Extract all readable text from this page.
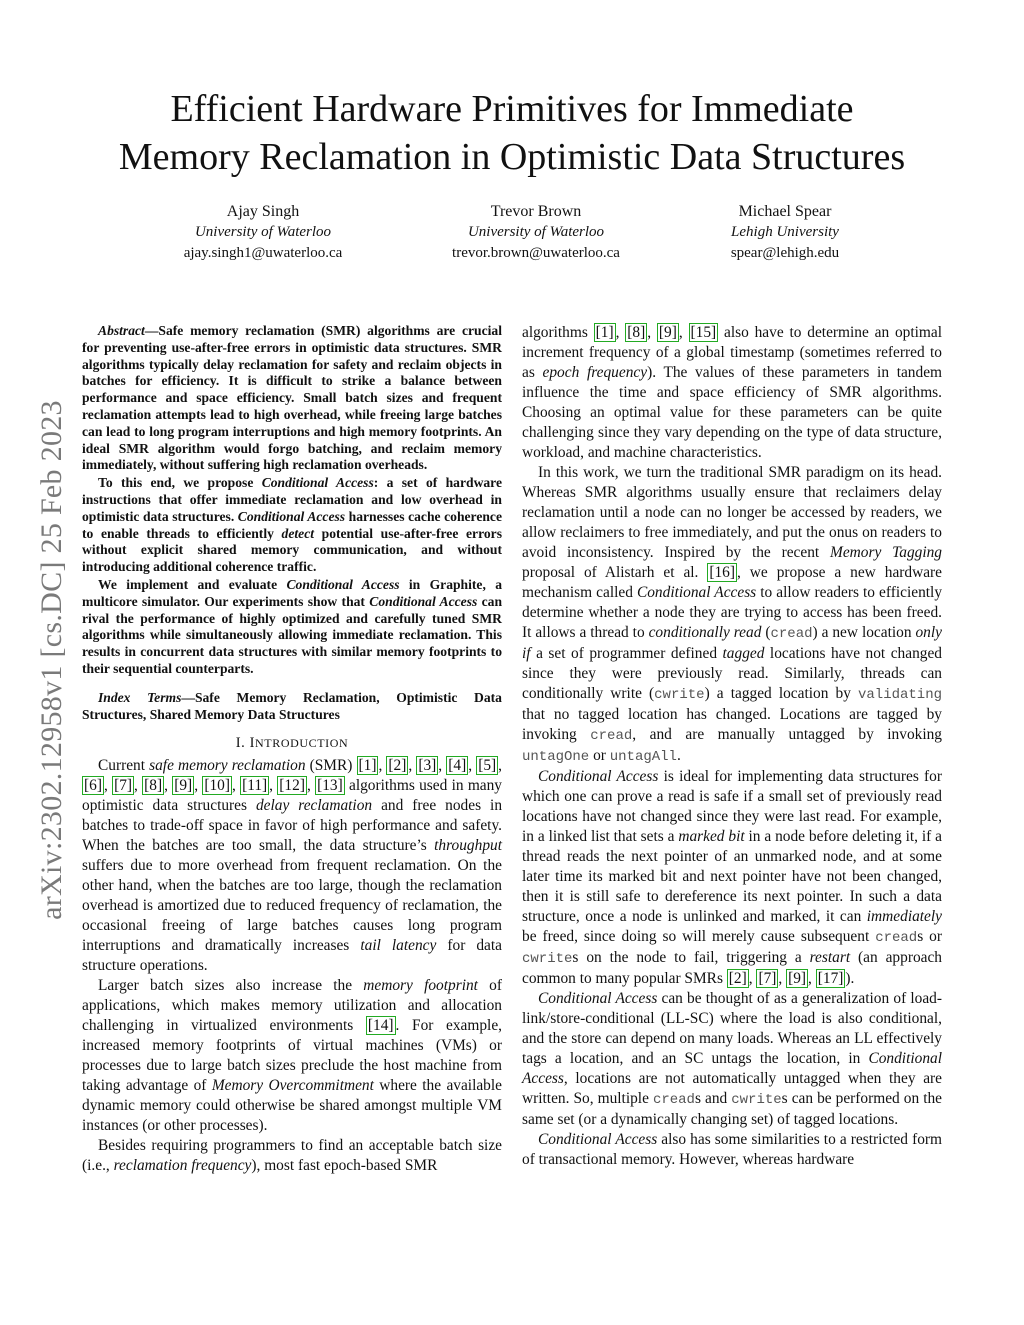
arXiv:2302.12958v1 [cs.DC] 25 Feb 2023
Efficient Hardware Primitives for Immediate
Memory Reclamation in Optimistic Data Structures
Ajay Singh
University of Waterloo
ajay.singh1@uwaterloo.ca
Trevor Brown
University of Waterloo
trevor.brown@uwaterloo.ca
Michael Spear
Lehigh University
spear@lehigh.edu

Abstract—Safe memory reclamation (SMR) algorithms are crucial for preventing use-after-free errors in optimistic data structures. SMR algorithms typically delay reclamation for safety and reclaim objects in batches for efficiency. It is difficult to strike a balance between performance and space efficiency. Small batch sizes and frequent reclamation attempts lead to high overhead, while freeing large batches can lead to long program interruptions and high memory footprints. An ideal SMR algorithm would forgo batching, and reclaim memory immediately, without suffering high reclamation overheads.

To this end, we propose Conditional Access: a set of hardware instructions that offer immediate reclamation and low overhead in optimistic data structures. Conditional Access harnesses cache coherence to enable threads to efficiently detect potential use-after-free errors without explicit shared memory communication, and without introducing additional coherence traffic.

We implement and evaluate Conditional Access in Graphite, a multicore simulator. Our experiments show that Conditional Access can rival the performance of highly optimized and carefully tuned SMR algorithms while simultaneously allowing immediate reclamation. This results in concurrent data structures with similar memory footprints to their sequential counterparts.

Index Terms—Safe Memory Reclamation, Optimistic Data Structures, Shared Memory Data Structures

I. INTRODUCTION

Current safe memory reclamation (SMR) [1] , [2] , [3] , [4] , [5] , [6] , [7] , [8] , [9] , [10] , [11] , [12] , [13] algorithms used in many optimistic data structures delay reclamation and free nodes in batches to trade-off space in favor of high performance and safety. When the batches are too small, the data structure’s throughput suffers due to more overhead from frequent reclamation. On the other hand, when the batches are too large, though the reclamation overhead is amortized due to reduced frequency of reclamation, the occasional freeing of large batches causes long program interruptions and dramatically increases tail latency for data structure operations.

Larger batch sizes also increase the memory footprint of applications, which makes memory utilization and allocation challenging in virtualized environments [14] . For example, increased memory footprints of virtual machines (VMs) or processes due to large batch sizes preclude the host machine from taking advantage of Memory Overcommitment where the available dynamic memory could otherwise be shared amongst multiple VM instances (or other processes).

Besides requiring programmers to find an acceptable batch size (i.e., reclamation frequency), most fast epoch-based SMR

algorithms [1] , [8] , [9] , [15] also have to determine an optimal increment frequency of a global timestamp (sometimes referred to as epoch frequency). The values of these parameters in tandem influence the time and space efficiency of SMR algorithms. Choosing an optimal value for these parameters can be quite challenging since they vary depending on the type of data structure, workload, and machine characteristics.

In this work, we turn the traditional SMR paradigm on its head. Whereas SMR algorithms usually ensure that reclaimers delay reclamation until a node can no longer be accessed by readers, we allow reclaimers to free immediately, and put the onus on readers to avoid inconsistency. Inspired by the recent Memory Tagging proposal of Alistarh et al. [16] , we propose a new hardware mechanism called Conditional Access to allow readers to efficiently determine whether a node they are trying to access has been freed. It allows a thread to conditionally read (cread) a new location only if a set of programmer defined tagged locations have not changed since they were previously read. Similarly, threads can conditionally write (cwrite) a tagged location by validating that no tagged location has changed. Locations are tagged by invoking cread, and are manually untagged by invoking untagOne or untagAll.

Conditional Access is ideal for implementing data structures for which one can prove a read is safe if a small set of previously read locations have not changed since they were last read. For example, in a linked list that sets a marked bit in a node before deleting it, if a thread reads the next pointer of an unmarked node, and at some later time its marked bit and next pointer have not been changed, then it is still safe to dereference its next pointer. In such a data structure, once a node is unlinked and marked, it can immediately be freed, since doing so will merely cause subsequent creads or cwrites on the node to fail, triggering a restart (an approach common to many popular SMRs [2] , [7] , [9] , [17] ).

Conditional Access can be thought of as a generalization of load-link/store-conditional (LL-SC) where the load is also conditional, and the store can depend on many loads. Whereas an LL effectively tags a location, and an SC untags the location, in Conditional Access, locations are not automatically untagged when they are written. So, multiple creads and cwrites can be performed on the same set (or a dynamically changing set) of tagged locations.

Conditional Access also has some similarities to a restricted form of transactional memory. However, whereas hardware
